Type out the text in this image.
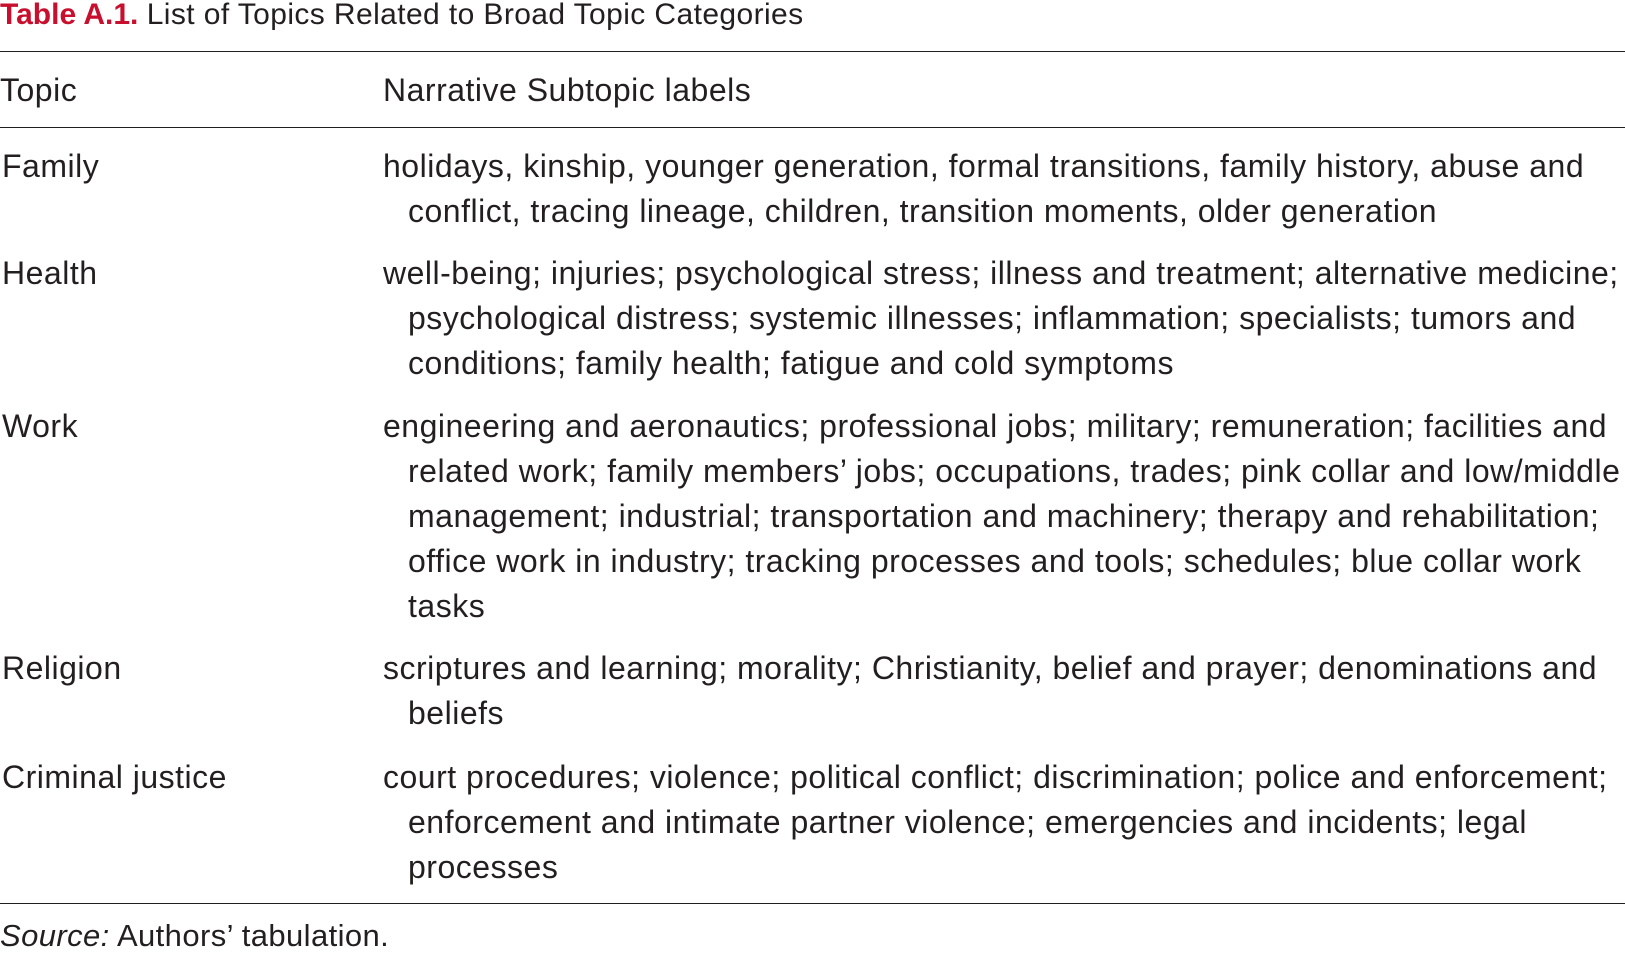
Table A.1. List of Topics Related to Broad Topic Categories
Topic	Narrative Subtopic labels
Family	holidays, kinship, younger generation, formal transitions, family history, abuse and conflict, tracing lineage, children, transition moments, older generation
Health	well-being; injuries; psychological stress; illness and treatment; alternative medicine; psychological distress; systemic illnesses; inflammation; specialists; tumors and conditions; family health; fatigue and cold symptoms
Work	engineering and aeronautics; professional jobs; military; remuneration; facilities and related work; family members’ jobs; occupations, trades; pink collar and low/middle management; industrial; transportation and machinery; therapy and rehabilitation; office work in industry; tracking processes and tools; schedules; blue collar work tasks
Religion	scriptures and learning; morality; Christianity, belief and prayer; denominations and beliefs
Criminal justice	court procedures; violence; political conflict; discrimination; police and enforcement; enforcement and intimate partner violence; emergencies and incidents; legal processes
Source: Authors’ tabulation.
